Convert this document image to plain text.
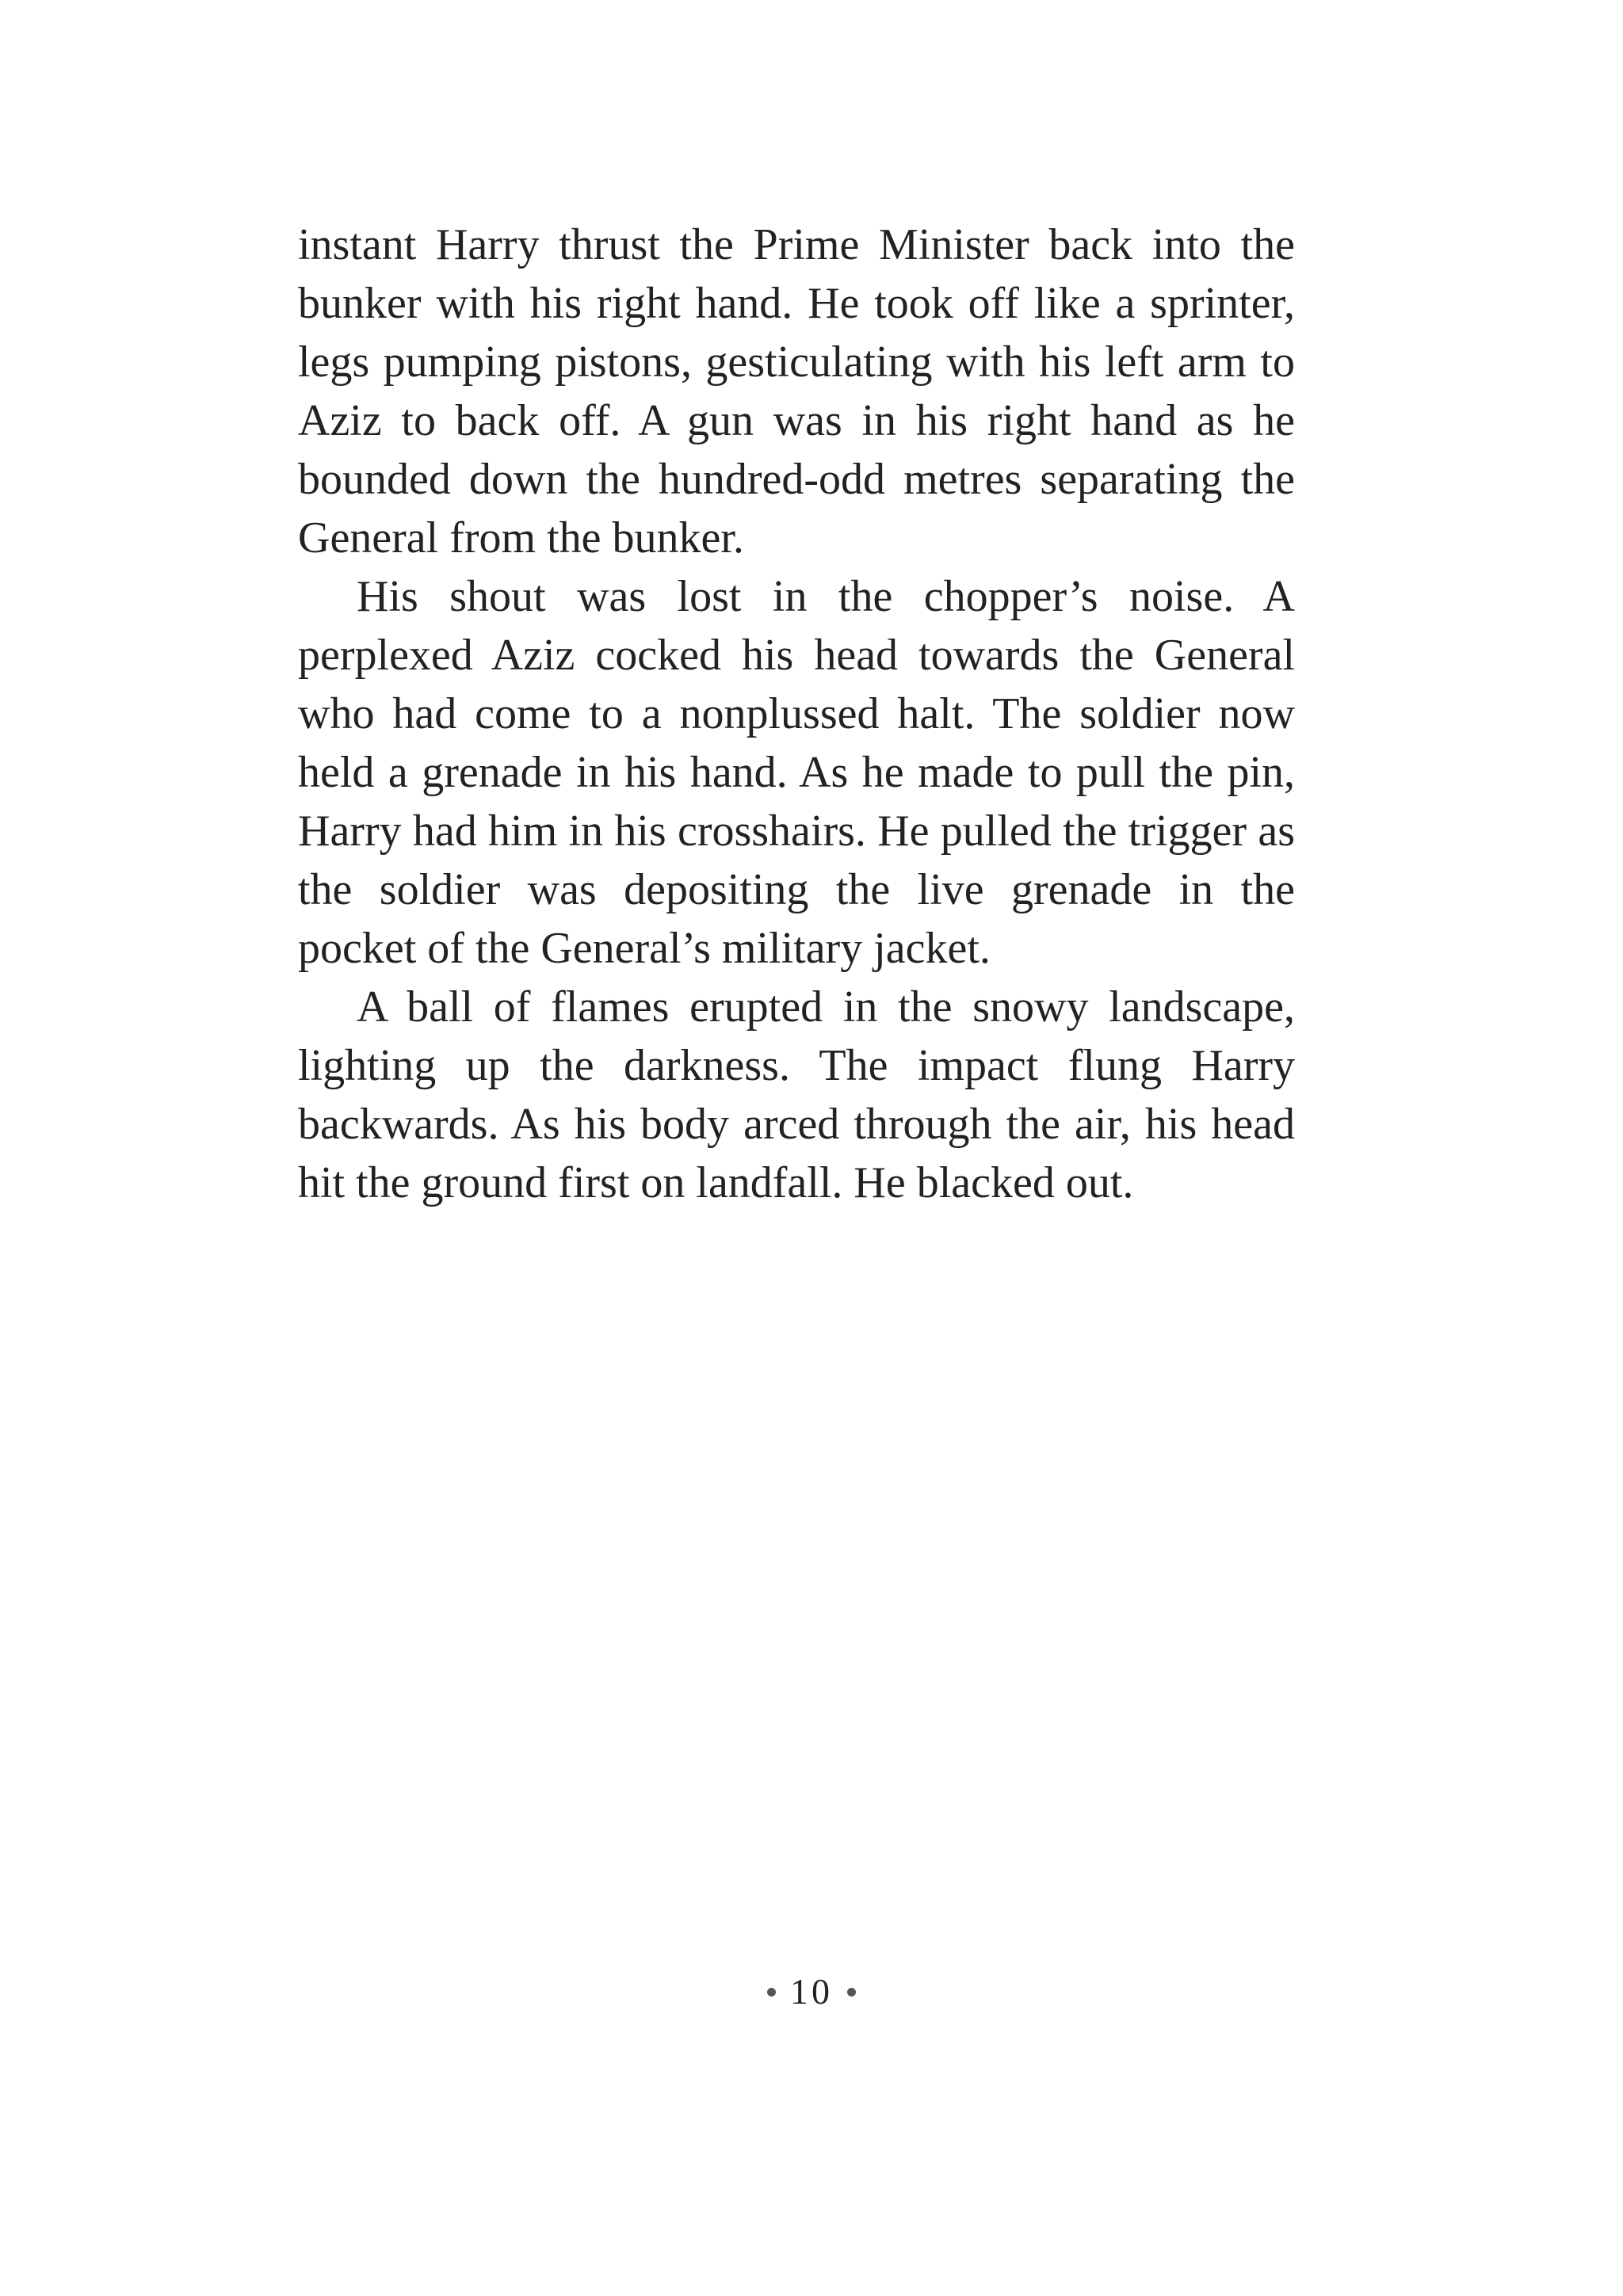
instant Harry thrust the Prime Minister back into the bunker with his right hand. He took off like a sprinter, legs pumping pistons, gesticulating with his left arm to Aziz to back off. A gun was in his right hand as he bounded down the hundred-odd metres separating the General from the bunker.

His shout was lost in the chopper’s noise. A perplexed Aziz cocked his head towards the General who had come to a nonplussed halt. The soldier now held a grenade in his hand. As he made to pull the pin, Harry had him in his crosshairs. He pulled the trigger as the soldier was depositing the live grenade in the pocket of the General’s military jacket.

A ball of flames erupted in the snowy landscape, lighting up the darkness. The impact flung Harry backwards. As his body arced through the air, his head hit the ground first on landfall. He blacked out.

10
